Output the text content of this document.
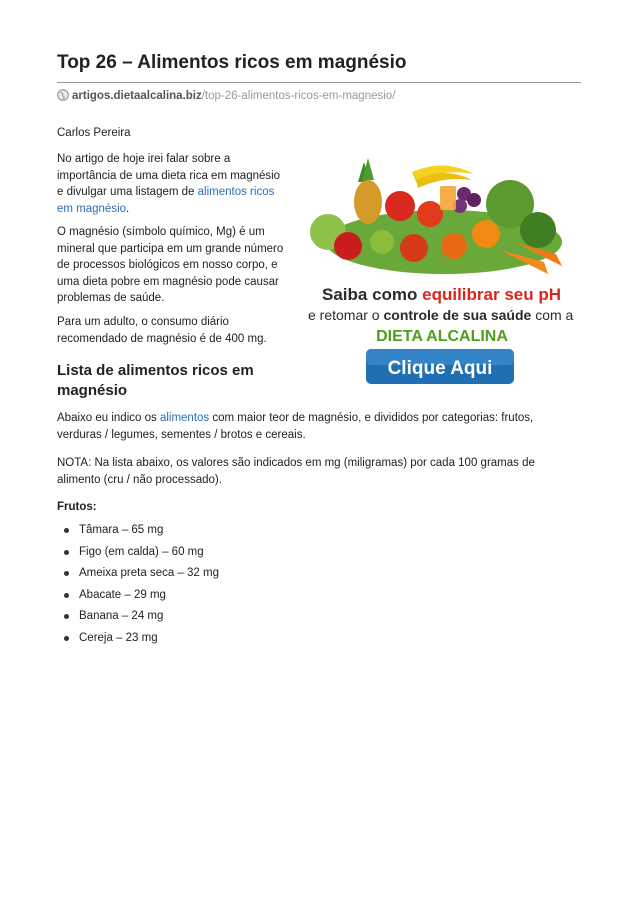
Top 26 – Alimentos ricos em magnésio
artigos.dietaalcalina.biz/top-26-alimentos-ricos-em-magnesio/

Carlos Pereira

No artigo de hoje irei falar sobre a importância de uma dieta rica em magnésio e divulgar uma listagem de alimentos ricos em magnésio.

O magnésio (símbolo químico, Mg) é um mineral que participa em um grande número de processos biológicos em nosso corpo, e uma dieta pobre em magnésio pode causar problemas de saúde.

Para um adulto, o consumo diário recomendado de magnésio é de 400 mg.

Lista de alimentos ricos em magnésio

Abaixo eu indico os alimentos com maior teor de magnésio, e divididos por categorias: frutos, verduras / legumes, sementes / brotos e cereais.

NOTA: Na lista abaixo, os valores são indicados em mg (miligramas) por cada 100 gramas de alimento (cru / não processado).

Frutos:

Tâmara – 65 mg
Figo (em calda) – 60 mg
Ameixa preta seca – 32 mg
Abacate – 29 mg
Banana – 24 mg
Cereja – 23 mg
Saiba como equilibrar seu pH
e retomar o controle de sua saúde com a
DIETA ALCALINA
Clique Aqui
